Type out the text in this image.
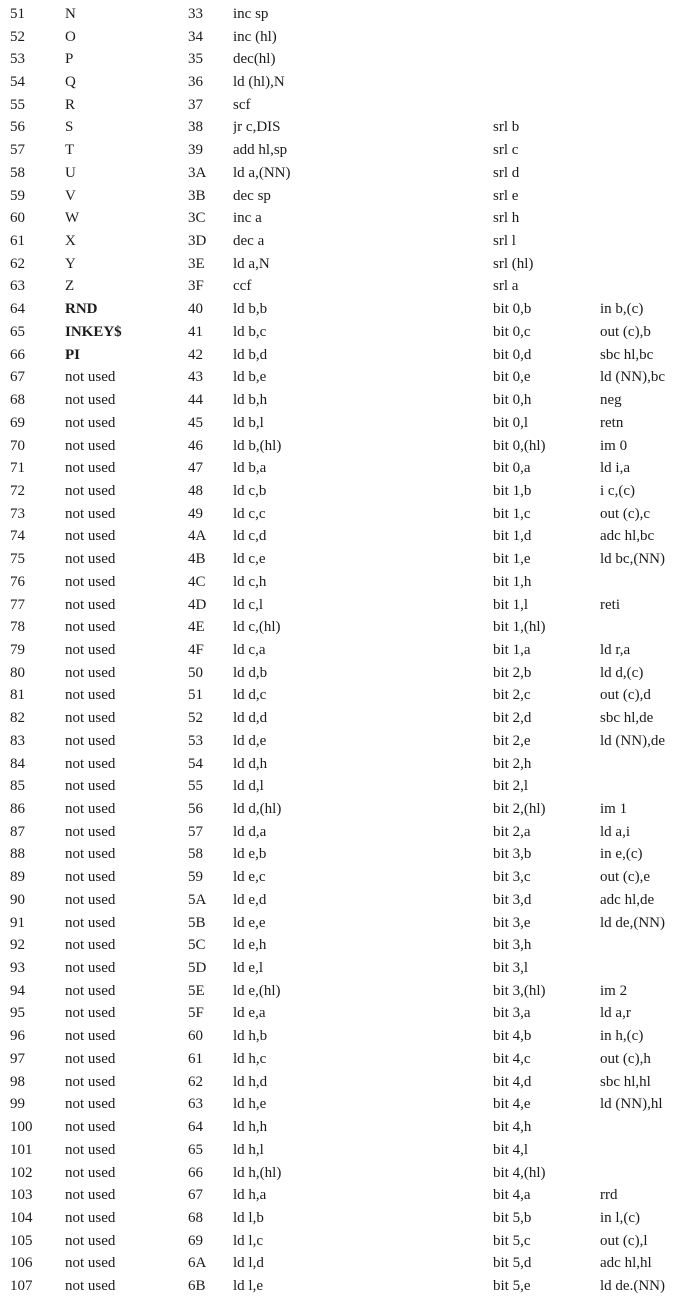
51	N	33	inc sp
52	O	34	inc (hl)
53	P	35	dec(hl)
54	Q	36	ld (hl),N
55	R	37	scf
56	S	38	jr c,DIS	srl b
57	T	39	add hl,sp	srl c
58	U	3A	ld a,(NN)	srl d
59	V	3B	dec sp	srl e
60	W	3C	inc a	srl h
61	X	3D	dec a	srl l
62	Y	3E	ld a,N	srl (hl)
63	Z	3F	ccf	srl a
64	RND	40	ld b,b	bit 0,b	in b,(c)
65	INKEY$	41	ld b,c	bit 0,c	out (c),b
66	PI	42	ld b,d	bit 0,d	sbc hl,bc
67	not used	43	ld b,e	bit 0,e	ld (NN),bc
68	not used	44	ld b,h	bit 0,h	neg
69	not used	45	ld b,l	bit 0,l	retn
70	not used	46	ld b,(hl)	bit 0,(hl)	im 0
71	not used	47	ld b,a	bit 0,a	ld i,a
72	not used	48	ld c,b	bit 1,b	i c,(c)
73	not used	49	ld c,c	bit 1,c	out (c),c
74	not used	4A	ld c,d	bit 1,d	adc hl,bc
75	not used	4B	ld c,e	bit 1,e	ld bc,(NN)
76	not used	4C	ld c,h	bit 1,h
77	not used	4D	ld c,l	bit 1,l	reti
78	not used	4E	ld c,(hl)	bit 1,(hl)
79	not used	4F	ld c,a	bit 1,a	ld r,a
80	not used	50	ld d,b	bit 2,b	ld d,(c)
81	not used	51	ld d,c	bit 2,c	out (c),d
82	not used	52	ld d,d	bit 2,d	sbc hl,de
83	not used	53	ld d,e	bit 2,e	ld (NN),de
84	not used	54	ld d,h	bit 2,h
85	not used	55	ld d,l	bit 2,l
86	not used	56	ld d,(hl)	bit 2,(hl)	im 1
87	not used	57	ld d,a	bit 2,a	ld a,i
88	not used	58	ld e,b	bit 3,b	in e,(c)
89	not used	59	ld e,c	bit 3,c	out (c),e
90	not used	5A	ld e,d	bit 3,d	adc hl,de
91	not used	5B	ld e,e	bit 3,e	ld de,(NN)
92	not used	5C	ld e,h	bit 3,h
93	not used	5D	ld e,l	bit 3,l
94	not used	5E	ld e,(hl)	bit 3,(hl)	im 2
95	not used	5F	ld e,a	bit 3,a	ld a,r
96	not used	60	ld h,b	bit 4,b	in h,(c)
97	not used	61	ld h,c	bit 4,c	out (c),h
98	not used	62	ld h,d	bit 4,d	sbc hl,hl
99	not used	63	ld h,e	bit 4,e	ld (NN),hl
100	not used	64	ld h,h	bit 4,h
101	not used	65	ld h,l	bit 4,l
102	not used	66	ld h,(hl)	bit 4,(hl)
103	not used	67	ld h,a	bit 4,a	rrd
104	not used	68	ld l,b	bit 5,b	in l,(c)
105	not used	69	ld l,c	bit 5,c	out (c),l
106	not used	6A	ld l,d	bit 5,d	adc hl,hl
107	not used	6B	ld l,e	bit 5,e	ld de.(NN)
